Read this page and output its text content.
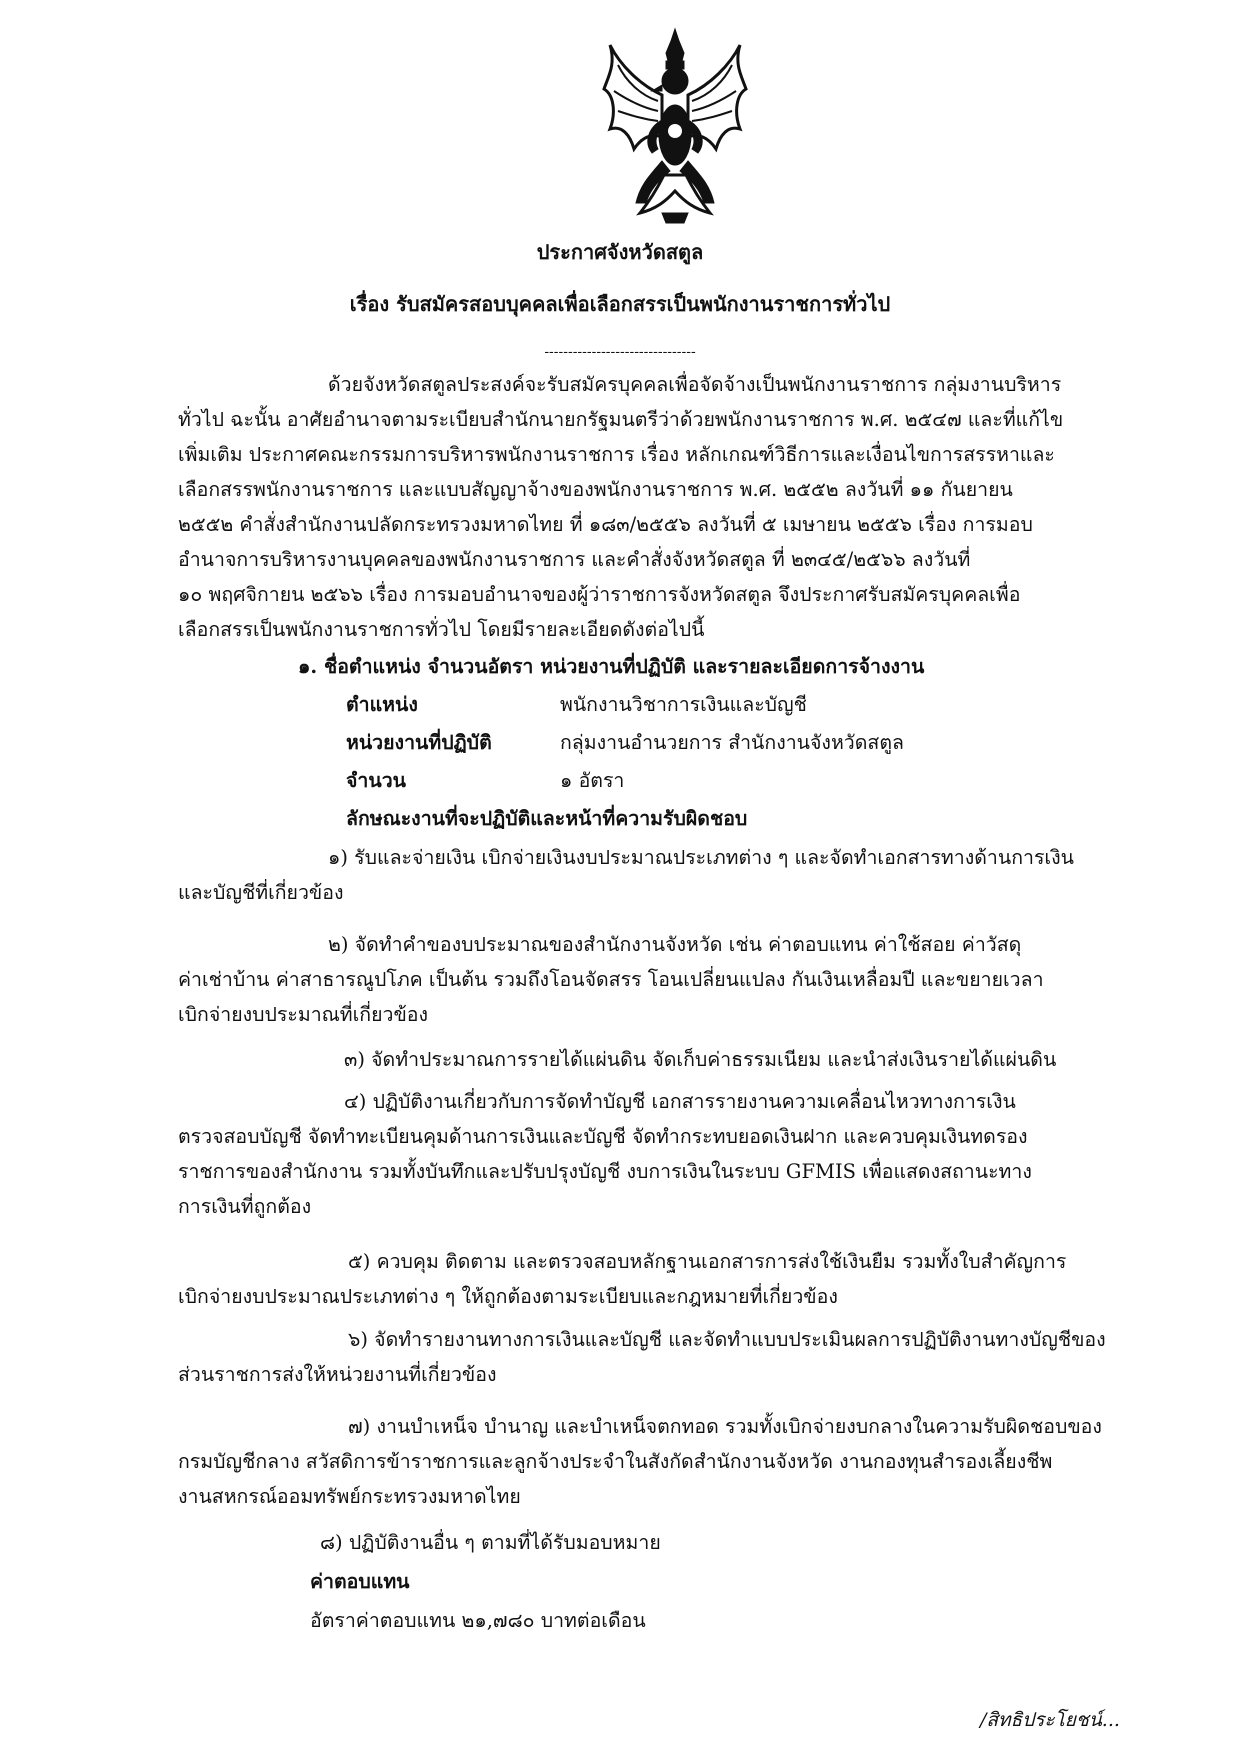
ประกาศจังหวัดสตูล
เรื่อง รับสมัครสอบบุคคลเพื่อเลือกสรรเป็นพนักงานราชการทั่วไป
--------------------------------
ด้วยจังหวัดสตูลประสงค์จะรับสมัครบุคคลเพื่อจัดจ้างเป็นพนักงานราชการ กลุ่มงานบริหาร
ทั่วไป ฉะนั้น อาศัยอำนาจตามระเบียบสำนักนายกรัฐมนตรีว่าด้วยพนักงานราชการ พ.ศ. ๒๕๔๗ และที่แก้ไข
เพิ่มเติม ประกาศคณะกรรมการบริหารพนักงานราชการ เรื่อง หลักเกณฑ์วิธีการและเงื่อนไขการสรรหาและ
เลือกสรรพนักงานราชการ และแบบสัญญาจ้างของพนักงานราชการ พ.ศ. ๒๕๕๒ ลงวันที่ ๑๑ กันยายน
๒๕๕๒ คำสั่งสำนักงานปลัดกระทรวงมหาดไทย ที่ ๑๘๓/๒๕๕๖ ลงวันที่ ๕ เมษายน ๒๕๕๖ เรื่อง การมอบ
อำนาจการบริหารงานบุคคลของพนักงานราชการ และคำสั่งจังหวัดสตูล ที่ ๒๓๔๕/๒๕๖๖ ลงวันที่
๑๐ พฤศจิกายน ๒๕๖๖ เรื่อง การมอบอำนาจของผู้ว่าราชการจังหวัดสตูล จึงประกาศรับสมัครบุคคลเพื่อ
เลือกสรรเป็นพนักงานราชการทั่วไป โดยมีรายละเอียดดังต่อไปนี้
๑. ชื่อตำแหน่ง จำนวนอัตรา หน่วยงานที่ปฏิบัติ และรายละเอียดการจ้างงาน
ตำแหน่ง	พนักงานวิชาการเงินและบัญชี
หน่วยงานที่ปฏิบัติ	กลุ่มงานอำนวยการ สำนักงานจังหวัดสตูล
จำนวน	๑ อัตรา
ลักษณะงานที่จะปฏิบัติและหน้าที่ความรับผิดชอบ
๑) รับและจ่ายเงิน เบิกจ่ายเงินงบประมาณประเภทต่าง ๆ และจัดทำเอกสารทางด้านการเงิน
และบัญชีที่เกี่ยวข้อง
๒) จัดทำคำของบประมาณของสำนักงานจังหวัด เช่น ค่าตอบแทน ค่าใช้สอย ค่าวัสดุ
ค่าเช่าบ้าน ค่าสาธารณูปโภค เป็นต้น รวมถึงโอนจัดสรร โอนเปลี่ยนแปลง กันเงินเหลื่อมปี และขยายเวลา
เบิกจ่ายงบประมาณที่เกี่ยวข้อง
๓) จัดทำประมาณการรายได้แผ่นดิน จัดเก็บค่าธรรมเนียม และนำส่งเงินรายได้แผ่นดิน
๔) ปฏิบัติงานเกี่ยวกับการจัดทำบัญชี เอกสารรายงานความเคลื่อนไหวทางการเงิน
ตรวจสอบบัญชี จัดทำทะเบียนคุมด้านการเงินและบัญชี จัดทำกระทบยอดเงินฝาก และควบคุมเงินทดรอง
ราชการของสำนักงาน รวมทั้งบันทึกและปรับปรุงบัญชี งบการเงินในระบบ GFMIS เพื่อแสดงสถานะทาง
การเงินที่ถูกต้อง
๕) ควบคุม ติดตาม และตรวจสอบหลักฐานเอกสารการส่งใช้เงินยืม รวมทั้งใบสำคัญการ
เบิกจ่ายงบประมาณประเภทต่าง ๆ ให้ถูกต้องตามระเบียบและกฎหมายที่เกี่ยวข้อง
๖) จัดทำรายงานทางการเงินและบัญชี และจัดทำแบบประเมินผลการปฏิบัติงานทางบัญชีของ
ส่วนราชการส่งให้หน่วยงานที่เกี่ยวข้อง
๗) งานบำเหน็จ บำนาญ และบำเหน็จตกทอด รวมทั้งเบิกจ่ายงบกลางในความรับผิดชอบของ
กรมบัญชีกลาง สวัสดิการข้าราชการและลูกจ้างประจำในสังกัดสำนักงานจังหวัด งานกองทุนสำรองเลี้ยงชีพ
งานสหกรณ์ออมทรัพย์กระทรวงมหาดไทย
๘) ปฏิบัติงานอื่น ๆ ตามที่ได้รับมอบหมาย
ค่าตอบแทน
อัตราค่าตอบแทน ๒๑,๗๘๐ บาทต่อเดือน
/สิทธิประโยชน์...
